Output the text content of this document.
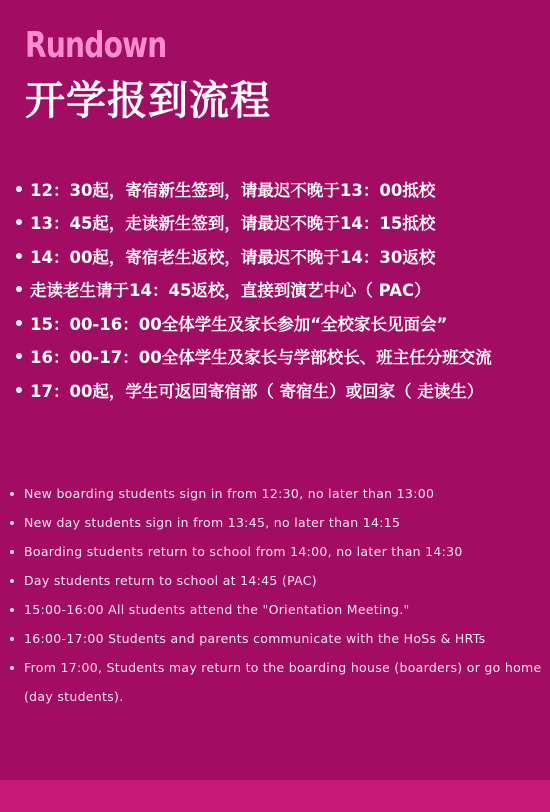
Rundown
开学报到流程
12：30起，寄宿新生签到，请最迟不晚于13：00抵校
13：45起，走读新生签到，请最迟不晚于14：15抵校
14：00起，寄宿老生返校，请最迟不晚于14：30返校
走读老生请于14：45返校，直接到演艺中心（ PAC）
15：00-16：00全体学生及家长参加“全校家长见面会”
16：00-17：00全体学生及家长与学部校长、班主任分班交流
17：00起，学生可返回寄宿部（ 寄宿生）或回家（ 走读生）
New boarding students sign in from 12:30, no later than 13:00
New day students sign in from 13:45, no later than 14:15
Boarding students return to school from 14:00, no later than 14:30
Day students return to school at 14:45 (PAC)
15:00-16:00 All students attend the "Orientation Meeting."
16:00-17:00 Students and parents communicate with the HoSs & HRTs
From 17:00, Students may return to the boarding house (boarders) or go home (day students).
